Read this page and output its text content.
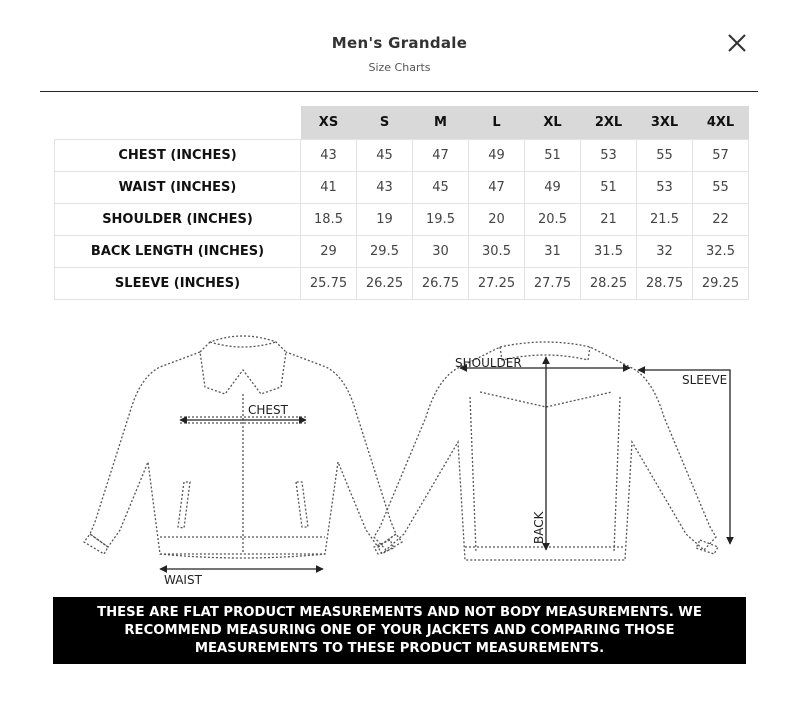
Men's Grandale
Size Charts
	XS	S	M	L	XL	2XL	3XL	4XL
CHEST (INCHES)	43	45	47	49	51	53	55	57
WAIST (INCHES)	41	43	45	47	49	51	53	55
SHOULDER (INCHES)	18.5	19	19.5	20	20.5	21	21.5	22
BACK LENGTH (INCHES)	29	29.5	30	30.5	31	31.5	32	32.5
SLEEVE (INCHES)	25.75	26.25	26.75	27.25	27.75	28.25	28.75	29.25
CHEST
WAIST
SHOULDER
BACK
SLEEVE
THESE ARE FLAT PRODUCT MEASUREMENTS AND NOT BODY MEASUREMENTS. WE
RECOMMEND MEASURING ONE OF YOUR JACKETS AND COMPARING THOSE
MEASUREMENTS TO THESE PRODUCT MEASUREMENTS.
